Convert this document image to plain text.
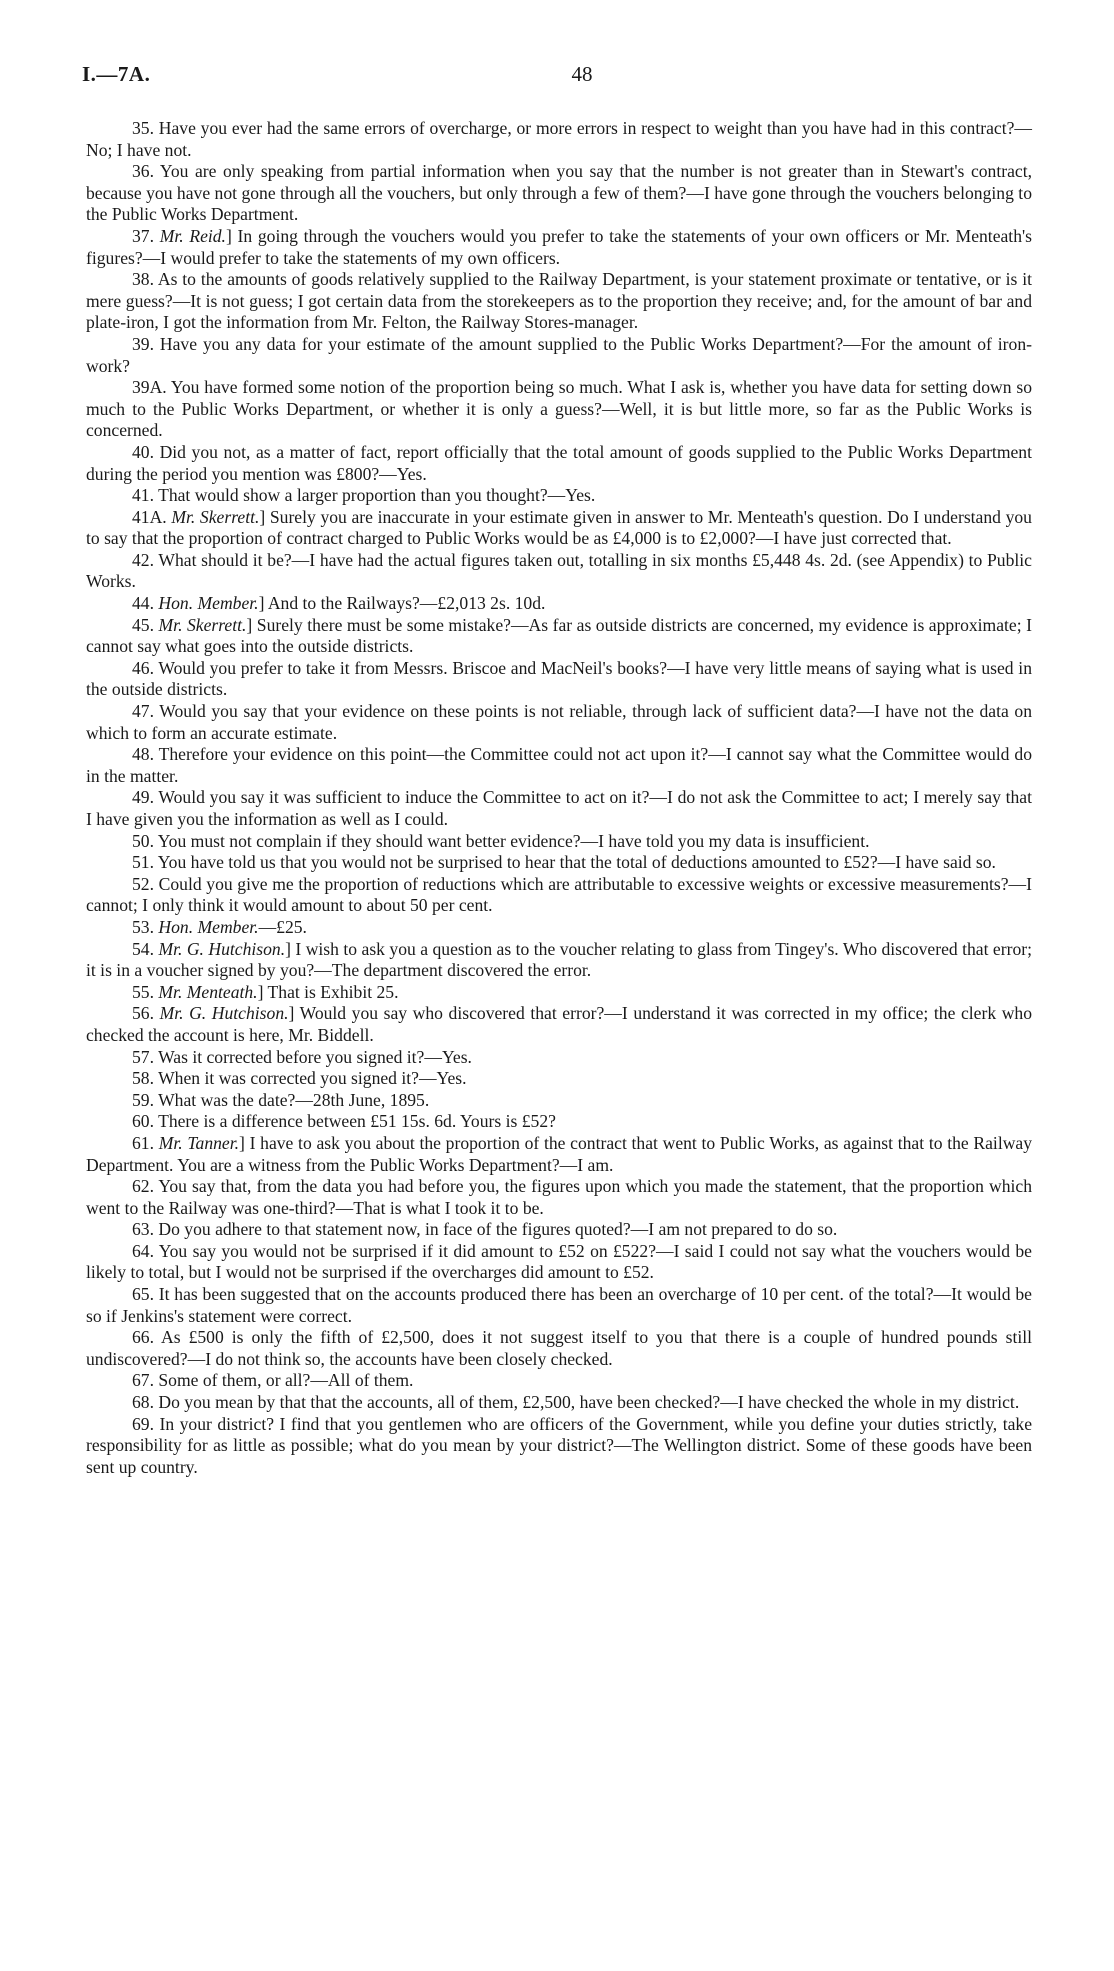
I.—7A.	48

35. Have you ever had the same errors of overcharge, or more errors in respect to weight than you have had in this contract?—No; I have not.

36. You are only speaking from partial information when you say that the number is not greater than in Stewart's contract, because you have not gone through all the vouchers, but only through a few of them?—I have gone through the vouchers belonging to the Public Works Department.

37. Mr. Reid.] In going through the vouchers would you prefer to take the statements of your own officers or Mr. Menteath's figures?—I would prefer to take the statements of my own officers.

38. As to the amounts of goods relatively supplied to the Railway Department, is your statement proximate or tentative, or is it mere guess?—It is not guess; I got certain data from the storekeepers as to the proportion they receive; and, for the amount of bar and plate-iron, I got the information from Mr. Felton, the Railway Stores-manager.

39. Have you any data for your estimate of the amount supplied to the Public Works Department?—For the amount of iron-work?

39A. You have formed some notion of the proportion being so much. What I ask is, whether you have data for setting down so much to the Public Works Department, or whether it is only a guess?—Well, it is but little more, so far as the Public Works is concerned.

40. Did you not, as a matter of fact, report officially that the total amount of goods supplied to the Public Works Department during the period you mention was £800?—Yes.

41. That would show a larger proportion than you thought?—Yes.

41A. Mr. Skerrett.] Surely you are inaccurate in your estimate given in answer to Mr. Menteath's question. Do I understand you to say that the proportion of contract charged to Public Works would be as £4,000 is to £2,000?—I have just corrected that.

42. What should it be?—I have had the actual figures taken out, totalling in six months £5,448 4s. 2d. (see Appendix) to Public Works.

44. Hon. Member.] And to the Railways?—£2,013 2s. 10d.

45. Mr. Skerrett.] Surely there must be some mistake?—As far as outside districts are concerned, my evidence is approximate; I cannot say what goes into the outside districts.

46. Would you prefer to take it from Messrs. Briscoe and MacNeil's books?—I have very little means of saying what is used in the outside districts.

47. Would you say that your evidence on these points is not reliable, through lack of sufficient data?—I have not the data on which to form an accurate estimate.

48. Therefore your evidence on this point—the Committee could not act upon it?—I cannot say what the Committee would do in the matter.

49. Would you say it was sufficient to induce the Committee to act on it?—I do not ask the Committee to act; I merely say that I have given you the information as well as I could.

50. You must not complain if they should want better evidence?—I have told you my data is insufficient.

51. You have told us that you would not be surprised to hear that the total of deductions amounted to £52?—I have said so.

52. Could you give me the proportion of reductions which are attributable to excessive weights or excessive measurements?—I cannot; I only think it would amount to about 50 per cent.

53. Hon. Member.—£25.

54. Mr. G. Hutchison.] I wish to ask you a question as to the voucher relating to glass from Tingey's. Who discovered that error; it is in a voucher signed by you?—The department discovered the error.

55. Mr. Menteath.] That is Exhibit 25.

56. Mr. G. Hutchison.] Would you say who discovered that error?—I understand it was corrected in my office; the clerk who checked the account is here, Mr. Biddell.

57. Was it corrected before you signed it?—Yes.

58. When it was corrected you signed it?—Yes.

59. What was the date?—28th June, 1895.

60. There is a difference between £51 15s. 6d. Yours is £52?

61. Mr. Tanner.] I have to ask you about the proportion of the contract that went to Public Works, as against that to the Railway Department. You are a witness from the Public Works Department?—I am.

62. You say that, from the data you had before you, the figures upon which you made the statement, that the proportion which went to the Railway was one-third?—That is what I took it to be.

63. Do you adhere to that statement now, in face of the figures quoted?—I am not prepared to do so.

64. You say you would not be surprised if it did amount to £52 on £522?—I said I could not say what the vouchers would be likely to total, but I would not be surprised if the overcharges did amount to £52.

65. It has been suggested that on the accounts produced there has been an overcharge of 10 per cent. of the total?—It would be so if Jenkins's statement were correct.

66. As £500 is only the fifth of £2,500, does it not suggest itself to you that there is a couple of hundred pounds still undiscovered?—I do not think so, the accounts have been closely checked.

67. Some of them, or all?—All of them.

68. Do you mean by that that the accounts, all of them, £2,500, have been checked?—I have checked the whole in my district.

69. In your district? I find that you gentlemen who are officers of the Government, while you define your duties strictly, take responsibility for as little as possible; what do you mean by your district?—The Wellington district. Some of these goods have been sent up country.
